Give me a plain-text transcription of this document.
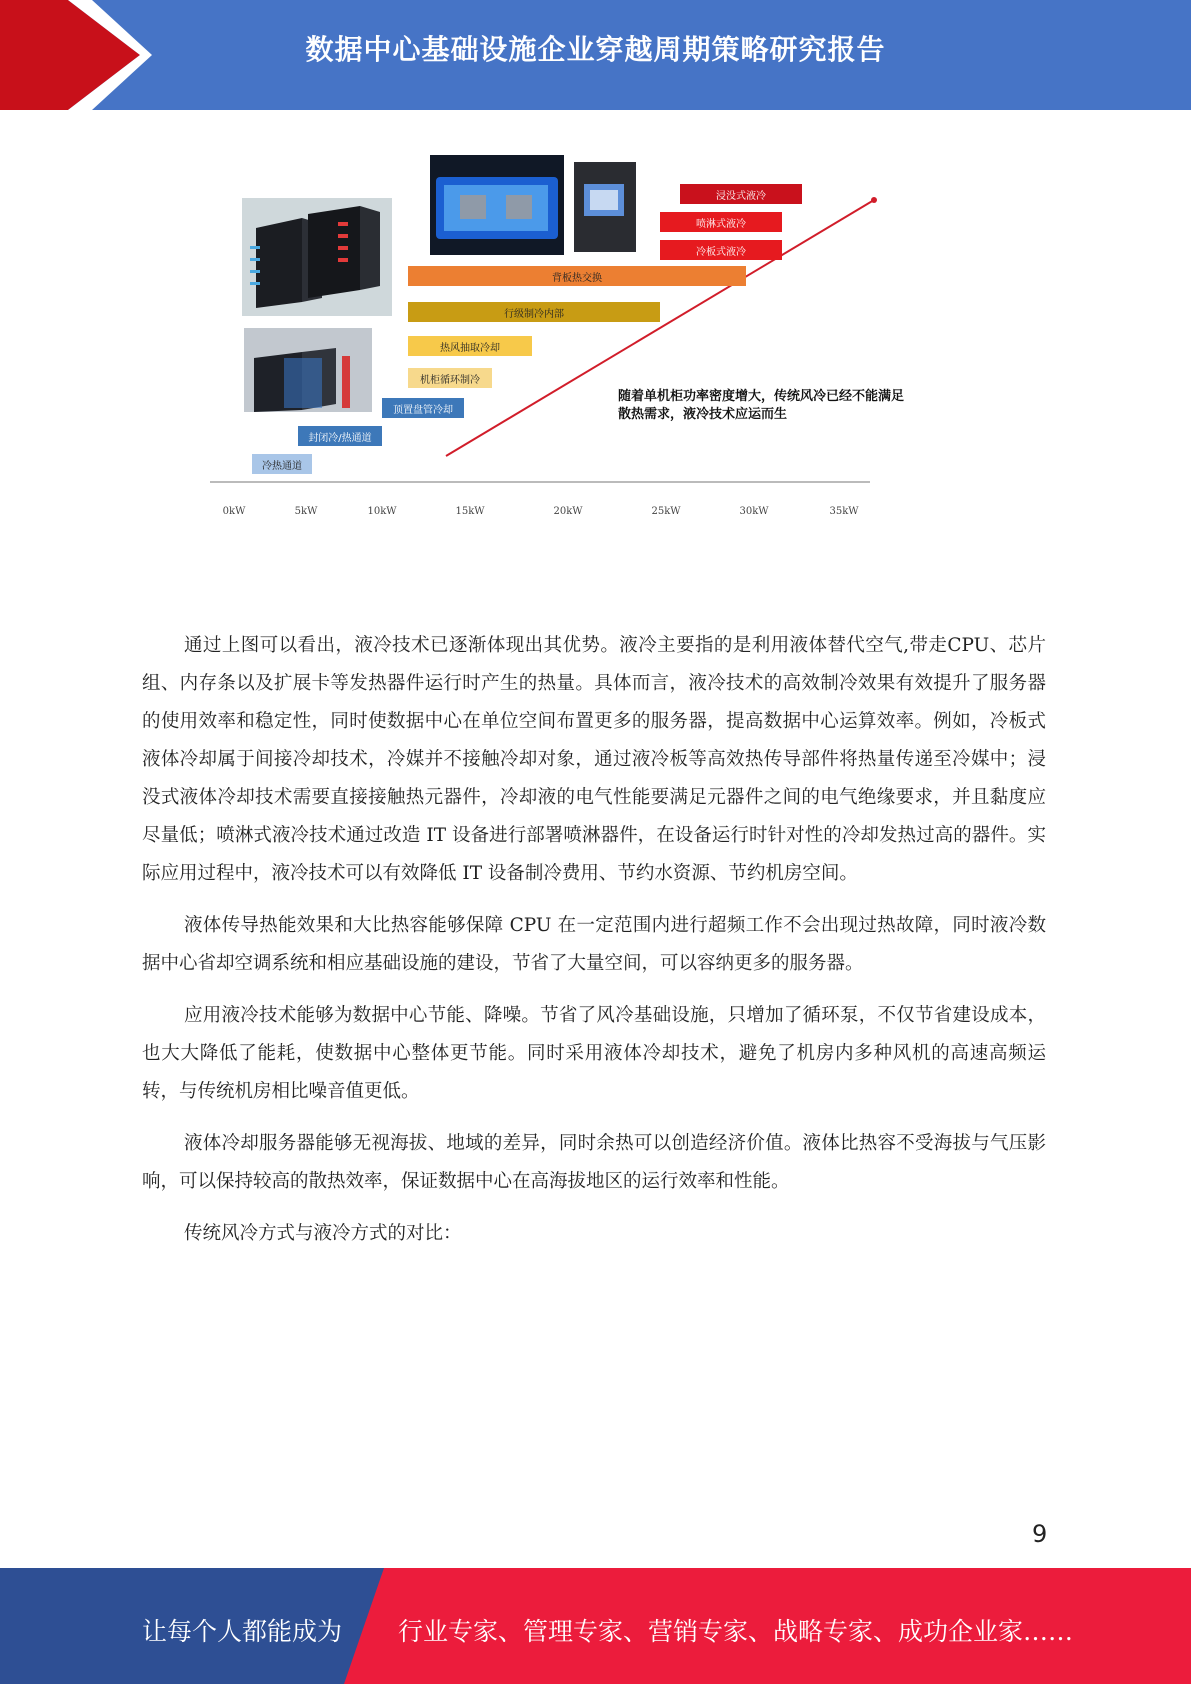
数据中心基础设施企业穿越周期策略研究报告
浸没式液冷
喷淋式液冷
冷板式液冷
背板热交换
行级制冷内部
热风抽取冷却
机柜循环制冷
顶置盘管冷却
封闭冷/热通道
冷热通道
0kW	5kW	10kW	15kW	20kW	25kW	30kW	35kW
随着单机柜功率密度增大，传统风冷已经不能满足散热需求，液冷技术应运而生

通过上图可以看出，液冷技术已逐渐体现出其优势。液冷主要指的是利用液体替代空气,带走CPU、芯片组、内存条以及扩展卡等发热器件运行时产生的热量。具体而言，液冷技术的高效制冷效果有效提升了服务器的使用效率和稳定性，同时使数据中心在单位空间布置更多的服务器，提高数据中心运算效率。例如，冷板式液体冷却属于间接冷却技术，冷媒并不接触冷却对象，通过液冷板等高效热传导部件将热量传递至冷媒中；浸没式液体冷却技术需要直接接触热元器件，冷却液的电气性能要满足元器件之间的电气绝缘要求，并且黏度应尽量低；喷淋式液冷技术通过改造 IT 设备进行部署喷淋器件，在设备运行时针对性的冷却发热过高的器件。实际应用过程中，液冷技术可以有效降低 IT 设备制冷费用、节约水资源、节约机房空间。

液体传导热能效果和大比热容能够保障 CPU 在一定范围内进行超频工作不会出现过热故障，同时液冷数据中心省却空调系统和相应基础设施的建设，节省了大量空间，可以容纳更多的服务器。

应用液冷技术能够为数据中心节能、降噪。节省了风冷基础设施，只增加了循环泵，不仅节省建设成本，也大大降低了能耗，使数据中心整体更节能。同时采用液体冷却技术，避免了机房内多种风机的高速高频运转，与传统机房相比噪音值更低。

液体冷却服务器能够无视海拔、地域的差异，同时余热可以创造经济价值。液体比热容不受海拔与气压影响，可以保持较高的散热效率，保证数据中心在高海拔地区的运行效率和性能。

传统风冷方式与液冷方式的对比：

9
让每个人都能成为 行业专家、管理专家、营销专家、战略专家、成功企业家……
